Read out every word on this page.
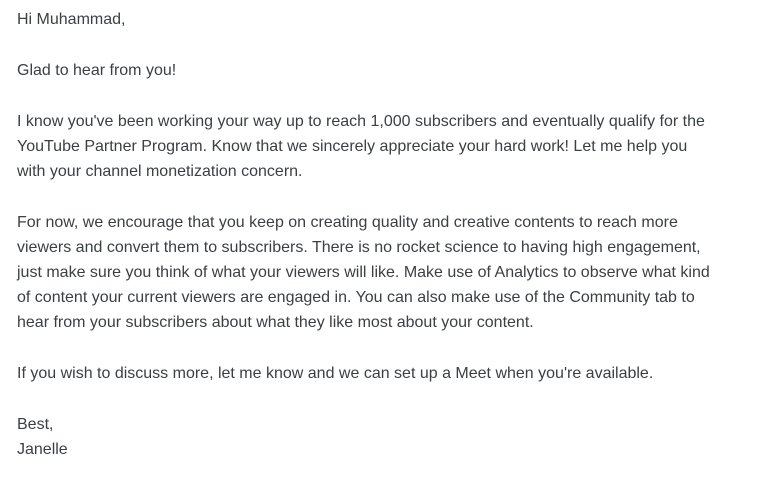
Hi Muhammad,
Glad to hear from you!
I know you've been working your way up to reach 1,000 subscribers and eventually qualify for the
YouTube Partner Program. Know that we sincerely appreciate your hard work! Let me help you
with your channel monetization concern.
For now, we encourage that you keep on creating quality and creative contents to reach more
viewers and convert them to subscribers. There is no rocket science to having high engagement,
just make sure you think of what your viewers will like. Make use of Analytics to observe what kind
of content your current viewers are engaged in. You can also make use of the Community tab to
hear from your subscribers about what they like most about your content.
If you wish to discuss more, let me know and we can set up a Meet when you're available.
Best,
Janelle
